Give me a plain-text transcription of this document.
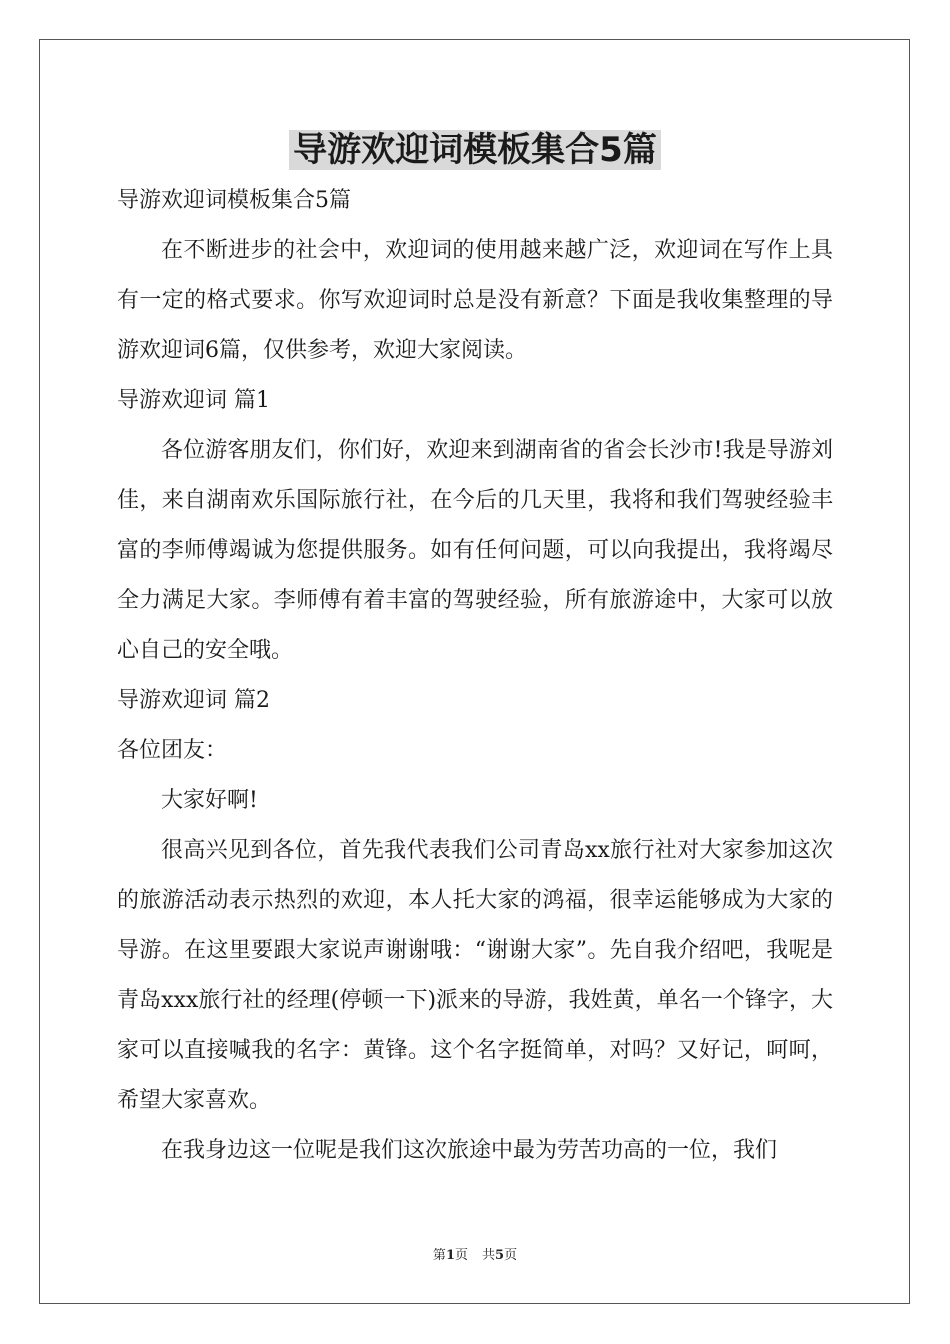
导游欢迎词模板集合5篇

导游欢迎词模板集合5篇

在不断进步的社会中，欢迎词的使用越来越广泛，欢迎词在写作上具有一定的格式要求。你写欢迎词时总是没有新意？下面是我收集整理的导游欢迎词6篇，仅供参考，欢迎大家阅读。

导游欢迎词 篇1

各位游客朋友们，你们好，欢迎来到湖南省的省会长沙市!我是导游刘佳，来自湖南欢乐国际旅行社，在今后的几天里，我将和我们驾驶经验丰富的李师傅竭诚为您提供服务。如有任何问题，可以向我提出，我将竭尽全力满足大家。李师傅有着丰富的驾驶经验，所有旅游途中，大家可以放心自己的安全哦。

导游欢迎词 篇2

各位团友：

大家好啊!

很高兴见到各位，首先我代表我们公司青岛xx旅行社对大家参加这次的旅游活动表示热烈的欢迎，本人托大家的鸿福，很幸运能够成为大家的导游。在这里要跟大家说声谢谢哦：“谢谢大家”。先自我介绍吧，我呢是青岛xxx旅行社的经理(停顿一下)派来的导游，我姓黄，单名一个锋字，大家可以直接喊我的名字：黄锋。这个名字挺简单，对吗？又好记，呵呵，希望大家喜欢。

在我身边这一位呢是我们这次旅途中最为劳苦功高的一位，我们

第1页 共5页
